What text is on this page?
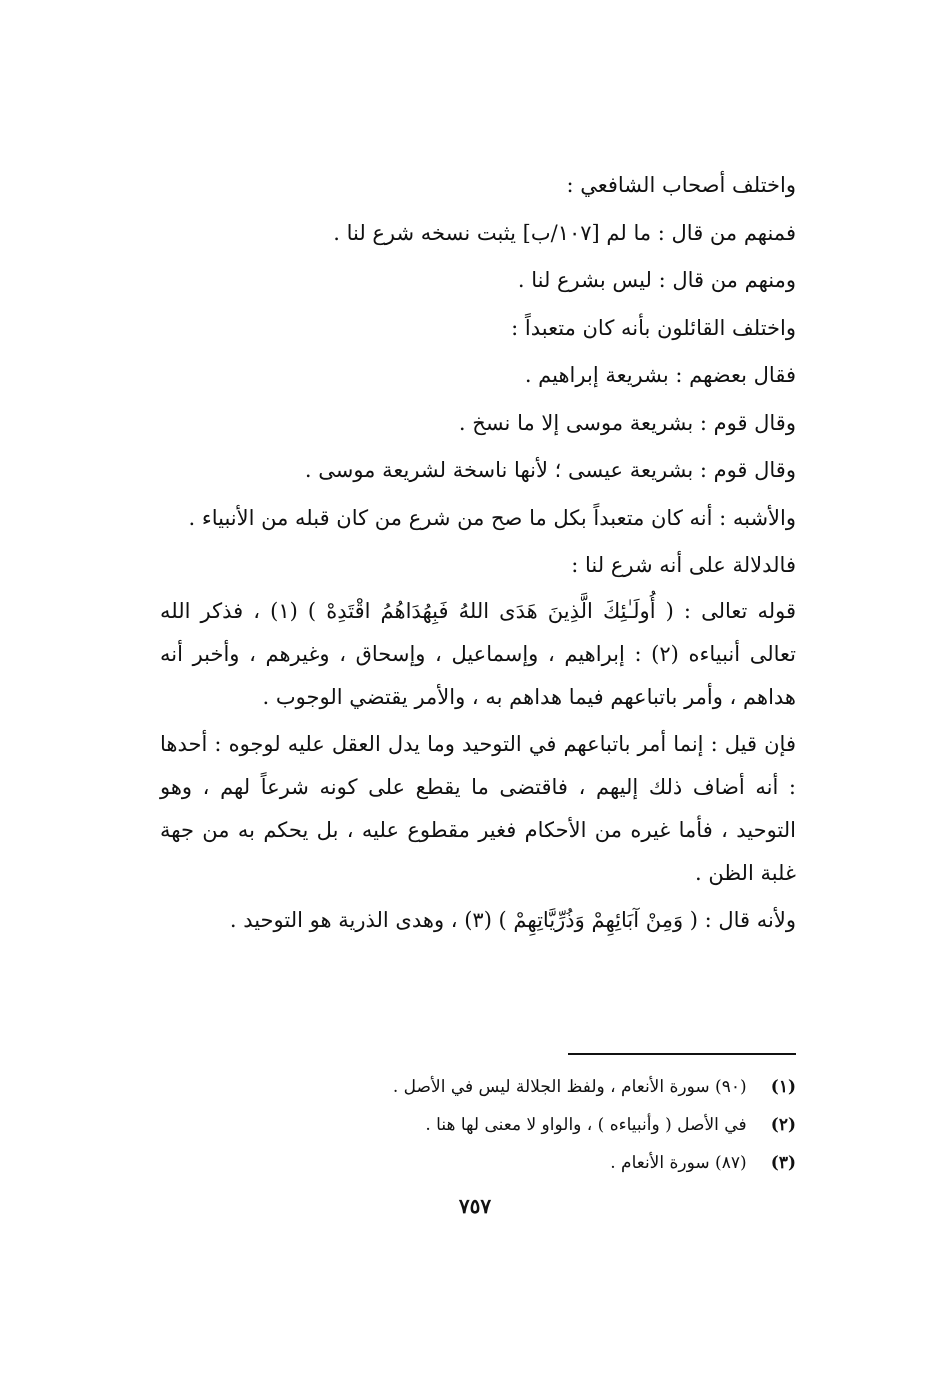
واختلف أصحاب الشافعي :
فمنهم من قال : ما لم [١٠٧/ب] يثبت نسخه شرع لنا .
ومنهم من قال : ليس بشرع لنا .
واختلف القائلون بأنه كان متعبداً :
فقال بعضهم : بشريعة إبراهيم .
وقال قوم : بشريعة موسى إلا ما نسخ .
وقال قوم : بشريعة عيسى ؛ لأنها ناسخة لشريعة موسى .
والأشبه : أنه كان متعبداً بكل ما صح من شرع من كان قبله من الأنبياء .
فالدلالة على أنه شرع لنا :

قوله تعالى : ( أُولَـٰئِكَ الَّذِينَ هَدَى اللهُ فَبِهُدَاهُمُ اقْتَدِهْ ) (١) ، فذكر الله تعالى أنبياءه (٢) : إبراهيم ، وإسماعيل ، وإسحاق ، وغيرهم ، وأخبر أنه هداهم ، وأمر باتباعهم فيما هداهم به ، والأمر يقتضي الوجوب .

فإن قيل : إنما أمر باتباعهم في التوحيد وما يدل العقل عليه لوجوه : أحدها : أنه أضاف ذلك إليهم ، فاقتضى ما يقطع على كونه شرعاً لهم ، وهو التوحيد ، فأما غيره من الأحكام فغير مقطوع عليه ، بل يحكم به من جهة غلبة الظن .

ولأنه قال : ( وَمِنْ آبَائِهِمْ وَذُرِّيَّاتِهِمْ ) (٣) ، وهدى الذرية هو التوحيد .

(١) (٩٠) سورة الأنعام ، ولفظ الجلالة ليس في الأصل .
(٢) في الأصل ( وأنبياءه ) ، والواو لا معنى لها هنا .
(٣) (٨٧) سورة الأنعام .
٧٥٧
